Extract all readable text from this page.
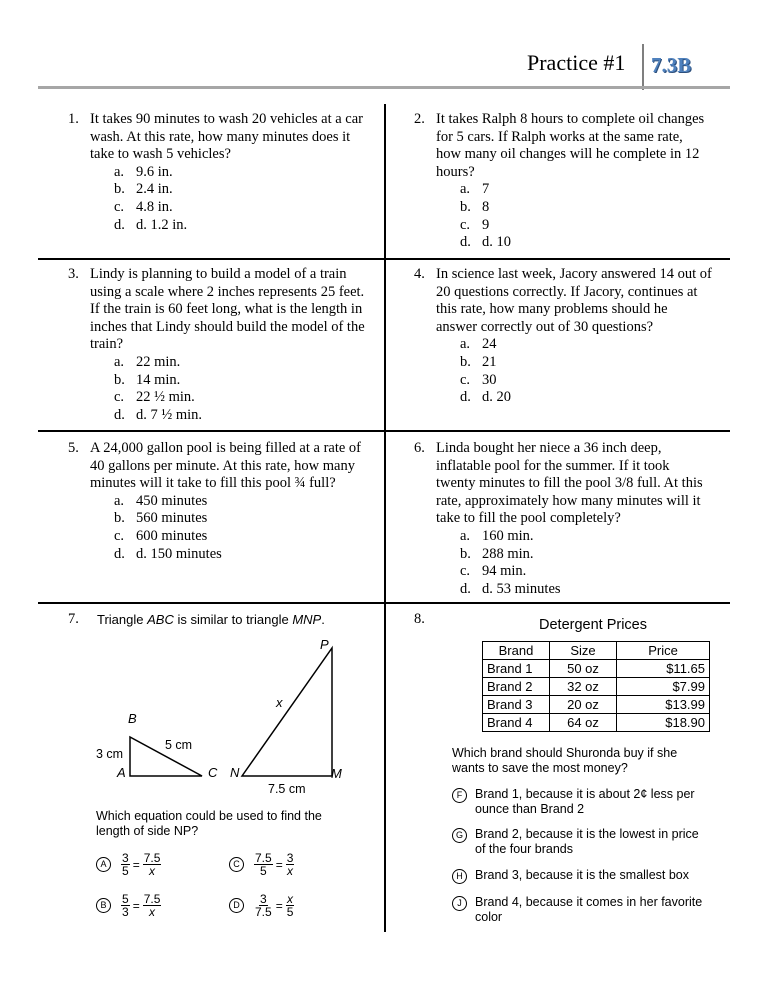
Practice #1 7.3B
1. It takes 90 minutes to wash 20 vehicles at a car
wash. At this rate, how many minutes does it
take to wash 5 vehicles?
a. 9.6 in.
b. 2.4 in.
c. 4.8 in.
d. d. 1.2 in.
2. It takes Ralph 8 hours to complete oil changes
for 5 cars. If Ralph works at the same rate,
how many oil changes will he complete in 12
hours?
a. 7
b. 8
c. 9
d. d. 10
3. Lindy is planning to build a model of a train
using a scale where 2 inches represents 25 feet.
If the train is 60 feet long, what is the length in
inches that Lindy should build the model of the
train?
a. 22 min.
b. 14 min.
c. 22 ½ min.
d. d. 7 ½ min.
4. In science last week, Jacory answered 14 out of
20 questions correctly. If Jacory, continues at
this rate, how many problems should he
answer correctly out of 30 questions?
a. 24
b. 21
c. 30
d. d. 20
5. A 24,000 gallon pool is being filled at a rate of
40 gallons per minute. At this rate, how many
minutes will it take to fill this pool ¾ full?
a. 450 minutes
b. 560 minutes
c. 600 minutes
d. d. 150 minutes
6. Linda bought her niece a 36 inch deep,
inflatable pool for the summer. If it took
twenty minutes to fill the pool 3/8 full. At this
rate, approximately how many minutes will it
take to fill the pool completely?
a. 160 min.
b. 288 min.
c. 94 min.
d. d. 53 minutes
7. Triangle ABC is similar to triangle MNP.
B
A	C N	M
P
x
3 cm
5 cm
7.5 cm
Which equation could be used to find the
length of side NP?
A	$\frac{3}{5} = \frac{7.5}{x}$	C	$\frac{7.5}{5} = \frac{3}{x}$
B	$\frac{5}{3} = \frac{7.5}{x}$	D	$\frac{3}{7.5} = \frac{x}{5}$
8.	Detergent Prices
Brand	Size	Price
Brand 1	50 oz	$11.65
Brand 2	32 oz	$7.99
Brand 3	20 oz	$13.99
Brand 4	64 oz	$18.90
Which brand should Shuronda buy if she
wants to save the most money?
F	Brand 1, because it is about 2¢ less per
ounce than Brand 2
G Brand 2, because it is the lowest in price
of the four brands
H Brand 3, because it is the smallest box
J	Brand 4, because it comes in her favorite
color
